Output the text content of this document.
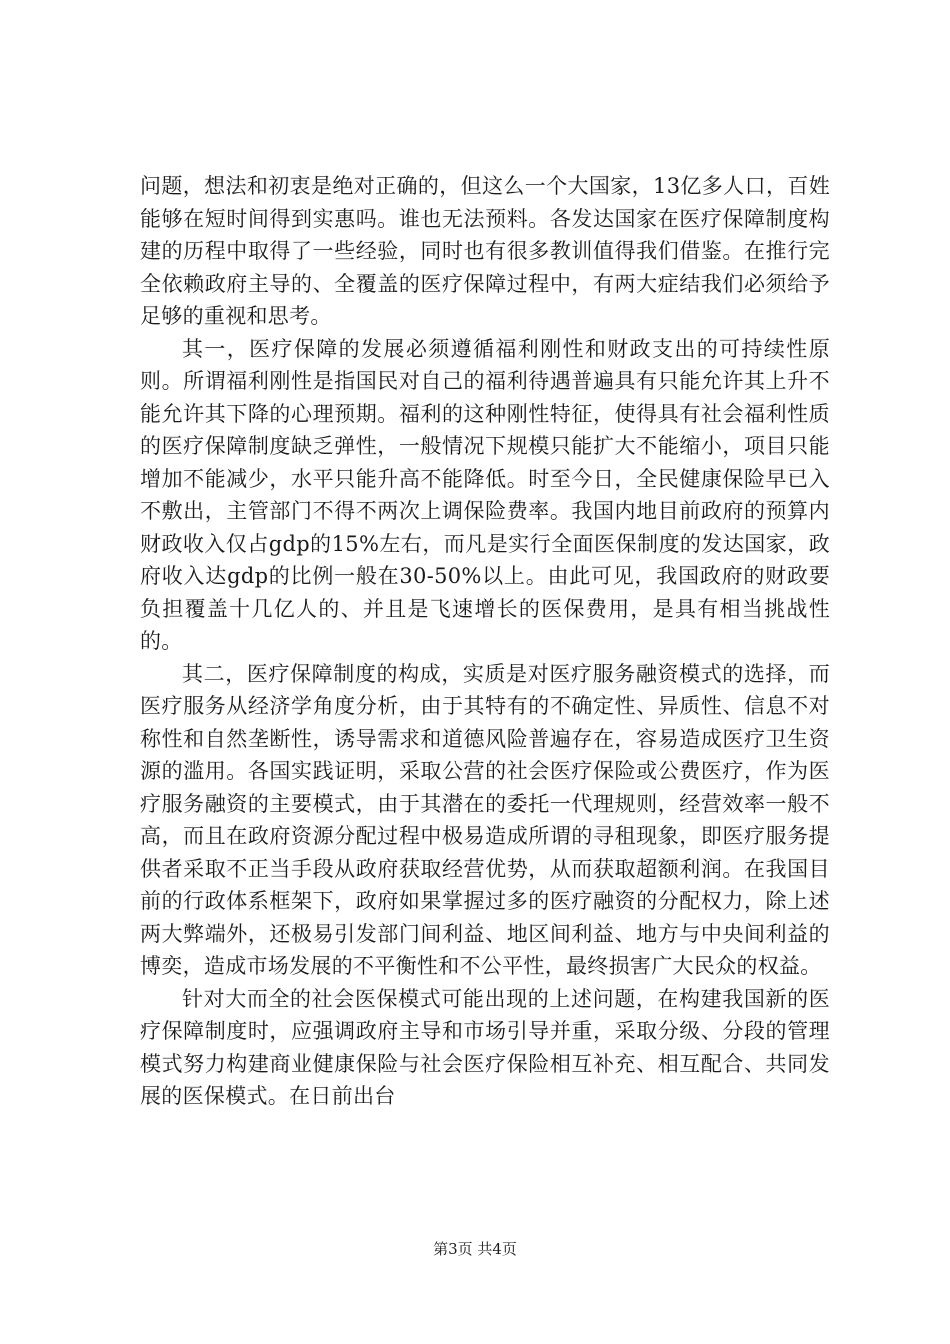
问题，想法和初衷是绝对正确的，但这么一个大国家，13亿多人口，百姓能够在短时间得到实惠吗。谁也无法预料。各发达国家在医疗保障制度构建的历程中取得了一些经验，同时也有很多教训值得我们借鉴。在推行完全依赖政府主导的、全覆盖的医疗保障过程中，有两大症结我们必须给予足够的重视和思考。

其一，医疗保障的发展必须遵循福利刚性和财政支出的可持续性原则。所谓福利刚性是指国民对自己的福利待遇普遍具有只能允许其上升不能允许其下降的心理预期。福利的这种刚性特征，使得具有社会福利性质的医疗保障制度缺乏弹性，一般情况下规模只能扩大不能缩小，项目只能增加不能减少，水平只能升高不能降低。时至今日，全民健康保险早已入不敷出，主管部门不得不两次上调保险费率。我国内地目前政府的预算内财政收入仅占gdp的15%左右，而凡是实行全面医保制度的发达国家，政府收入达gdp的比例一般在30-50%以上。由此可见，我国政府的财政要负担覆盖十几亿人的、并且是飞速增长的医保费用，是具有相当挑战性的。

其二，医疗保障制度的构成，实质是对医疗服务融资模式的选择，而医疗服务从经济学角度分析，由于其特有的不确定性、异质性、信息不对称性和自然垄断性，诱导需求和道德风险普遍存在，容易造成医疗卫生资源的滥用。各国实践证明，采取公营的社会医疗保险或公费医疗，作为医疗服务融资的主要模式，由于其潜在的委托一代理规则，经营效率一般不高，而且在政府资源分配过程中极易造成所谓的寻租现象，即医疗服务提供者采取不正当手段从政府获取经营优势，从而获取超额利润。在我国目前的行政体系框架下，政府如果掌握过多的医疗融资的分配权力，除上述两大弊端外，还极易引发部门间利益、地区间利益、地方与中央间利益的博奕，造成市场发展的不平衡性和不公平性，最终损害广大民众的权益。

针对大而全的社会医保模式可能出现的上述问题，在构建我国新的医疗保障制度时，应强调政府主导和市场引导并重，采取分级、分段的管理模式努力构建商业健康保险与社会医疗保险相互补充、相互配合、共同发展的医保模式。在日前出台

第3页 共4页
